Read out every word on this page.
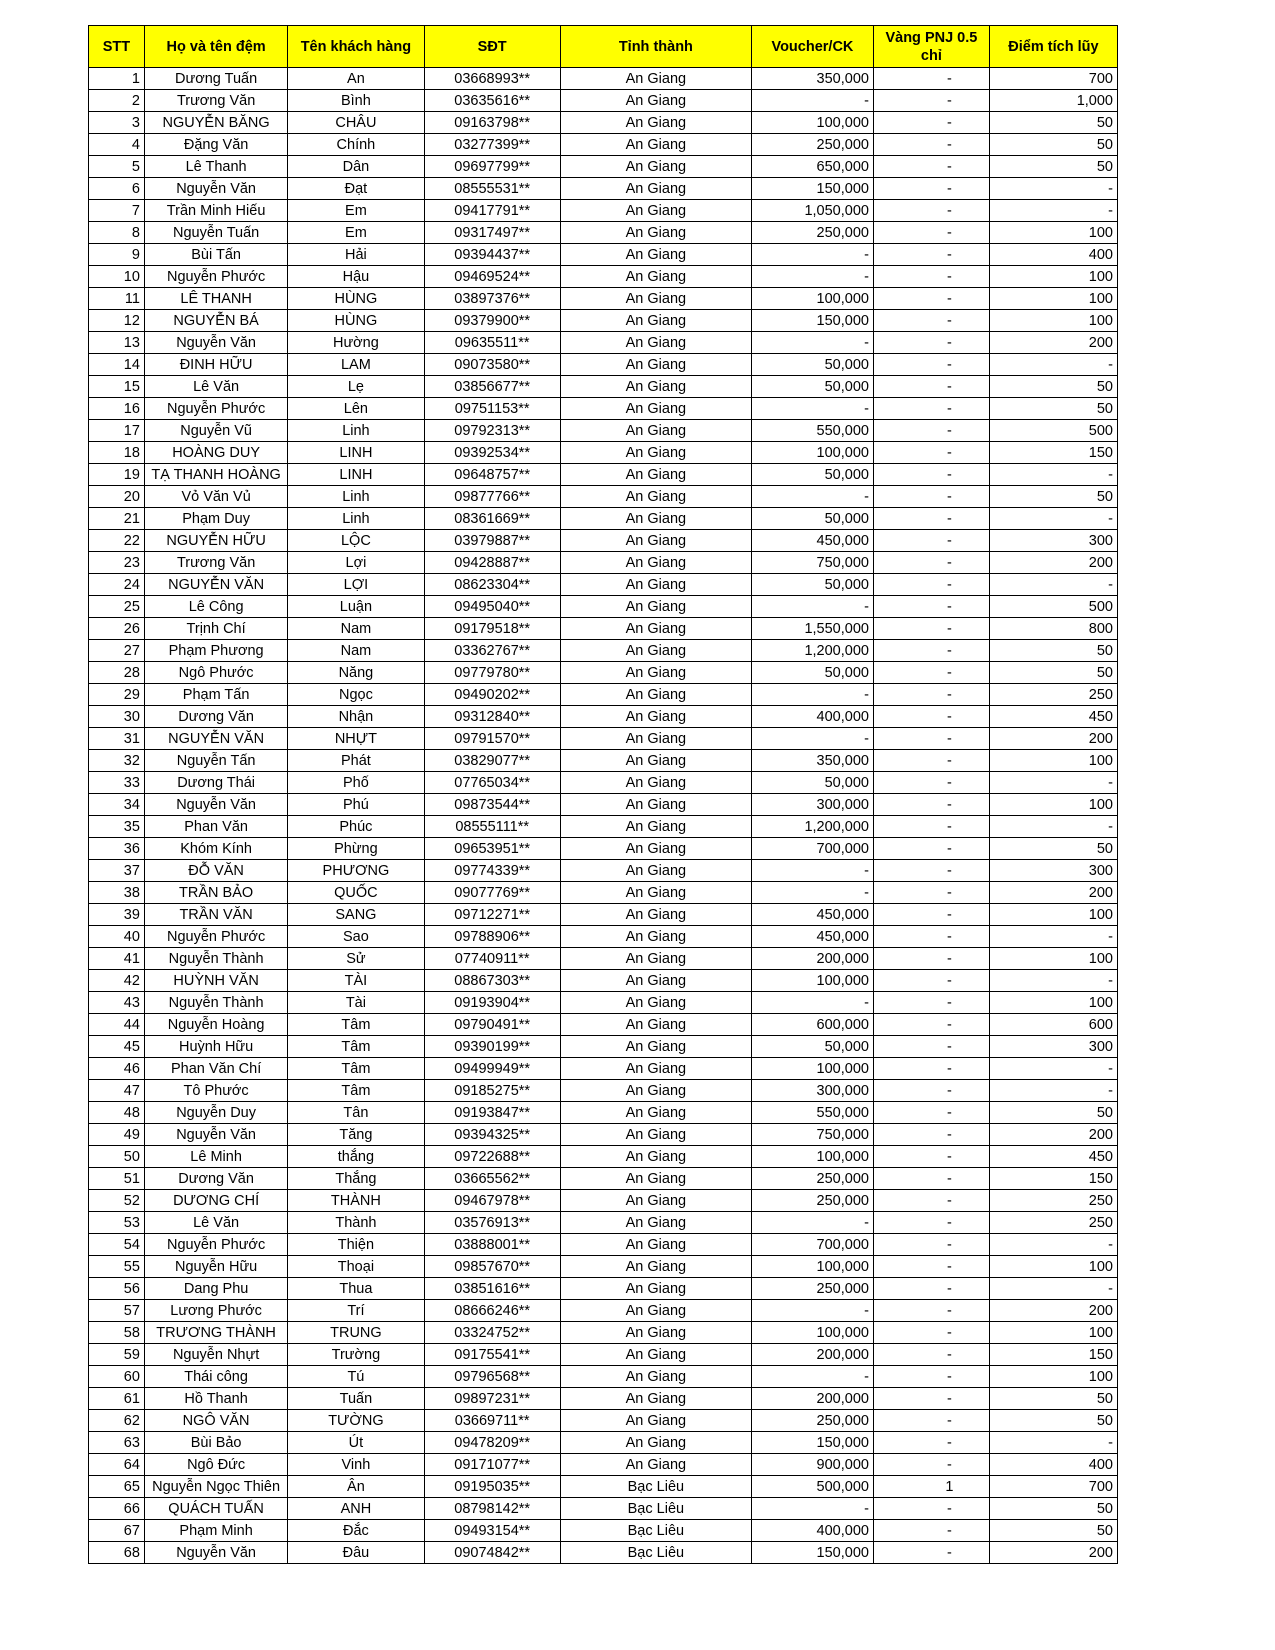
STT	Họ và tên đệm	Tên khách hàng	SĐT	Tỉnh thành	Voucher/CK	Vàng PNJ 0.5 chỉ	Điểm tích lũy
1	Dương Tuấn	An	03668993**	An Giang	350,000	-	700
2	Trương Văn	Bình	03635616**	An Giang	-	-	1,000
3	NGUYỄN BĂNG	CHÂU	09163798**	An Giang	100,000	-	50
4	Đặng Văn	Chính	03277399**	An Giang	250,000	-	50
5	Lê Thanh	Dân	09697799**	An Giang	650,000	-	50
6	Nguyễn Văn	Đạt	08555531**	An Giang	150,000	-	-
7	Trần Minh Hiếu	Em	09417791**	An Giang	1,050,000	-	-
8	Nguyễn Tuấn	Em	09317497**	An Giang	250,000	-	100
9	Bùi Tấn	Hải	09394437**	An Giang	-	-	400
10	Nguyễn Phước	Hậu	09469524**	An Giang	-	-	100
11	LÊ THANH	HÙNG	03897376**	An Giang	100,000	-	100
12	NGUYỄN BÁ	HÙNG	09379900**	An Giang	150,000	-	100
13	Nguyễn Văn	Hường	09635511**	An Giang	-	-	200
14	ĐINH HỮU	LAM	09073580**	An Giang	50,000	-	-
15	Lê Văn	Lẹ	03856677**	An Giang	50,000	-	50
16	Nguyễn Phước	Lên	09751153**	An Giang	-	-	50
17	Nguyễn Vũ	Linh	09792313**	An Giang	550,000	-	500
18	HOÀNG DUY	LINH	09392534**	An Giang	100,000	-	150
19	TẠ THANH HOÀNG	LINH	09648757**	An Giang	50,000	-	-
20	Vỏ Văn Vủ	Linh	09877766**	An Giang	-	-	50
21	Phạm Duy	Linh	08361669**	An Giang	50,000	-	-
22	NGUYỄN HỮU	LỘC	03979887**	An Giang	450,000	-	300
23	Trương Văn	Lợi	09428887**	An Giang	750,000	-	200
24	NGUYỄN VĂN	LỢI	08623304**	An Giang	50,000	-	-
25	Lê Công	Luận	09495040**	An Giang	-	-	500
26	Trịnh Chí	Nam	09179518**	An Giang	1,550,000	-	800
27	Phạm Phương	Nam	03362767**	An Giang	1,200,000	-	50
28	Ngô Phước	Năng	09779780**	An Giang	50,000	-	50
29	Phạm Tấn	Ngọc	09490202**	An Giang	-	-	250
30	Dương Văn	Nhận	09312840**	An Giang	400,000	-	450
31	NGUYỄN VĂN	NHỰT	09791570**	An Giang	-	-	200
32	Nguyễn Tấn	Phát	03829077**	An Giang	350,000	-	100
33	Dương Thái	Phố	07765034**	An Giang	50,000	-	-
34	Nguyễn Văn	Phú	09873544**	An Giang	300,000	-	100
35	Phan Văn	Phúc	08555111**	An Giang	1,200,000	-	-
36	Khóm Kính	Phừng	09653951**	An Giang	700,000	-	50
37	ĐỖ VĂN	PHƯƠNG	09774339**	An Giang	-	-	300
38	TRẦN BẢO	QUỐC	09077769**	An Giang	-	-	200
39	TRẦN VĂN	SANG	09712271**	An Giang	450,000	-	100
40	Nguyễn Phước	Sao	09788906**	An Giang	450,000	-	-
41	Nguyễn Thành	Sử	07740911**	An Giang	200,000	-	100
42	HUỲNH VĂN	TÀI	08867303**	An Giang	100,000	-	-
43	Nguyễn Thành	Tài	09193904**	An Giang	-	-	100
44	Nguyễn Hoàng	Tâm	09790491**	An Giang	600,000	-	600
45	Huỳnh Hữu	Tâm	09390199**	An Giang	50,000	-	300
46	Phan Văn Chí	Tâm	09499949**	An Giang	100,000	-	-
47	Tô Phước	Tâm	09185275**	An Giang	300,000	-	-
48	Nguyễn Duy	Tân	09193847**	An Giang	550,000	-	50
49	Nguyễn Văn	Tăng	09394325**	An Giang	750,000	-	200
50	Lê Minh	thắng	09722688**	An Giang	100,000	-	450
51	Dương Văn	Thắng	03665562**	An Giang	250,000	-	150
52	DƯƠNG CHÍ	THÀNH	09467978**	An Giang	250,000	-	250
53	Lê Văn	Thành	03576913**	An Giang	-	-	250
54	Nguyễn Phước	Thiện	03888001**	An Giang	700,000	-	-
55	Nguyễn Hữu	Thoại	09857670**	An Giang	100,000	-	100
56	Dang Phu	Thua	03851616**	An Giang	250,000	-	-
57	Lương Phước	Trí	08666246**	An Giang	-	-	200
58	TRƯƠNG THÀNH	TRUNG	03324752**	An Giang	100,000	-	100
59	Nguyễn Nhựt	Trường	09175541**	An Giang	200,000	-	150
60	Thái công	Tú	09796568**	An Giang	-	-	100
61	Hồ Thanh	Tuấn	09897231**	An Giang	200,000	-	50
62	NGÔ VĂN	TƯỜNG	03669711**	An Giang	250,000	-	50
63	Bùi Bảo	Út	09478209**	An Giang	150,000	-	-
64	Ngô Đức	Vinh	09171077**	An Giang	900,000	-	400
65	Nguyễn Ngọc Thiên	Ân	09195035**	Bạc Liêu	500,000	1	700
66	QUÁCH TUẤN	ANH	08798142**	Bạc Liêu	-	-	50
67	Phạm Minh	Đắc	09493154**	Bạc Liêu	400,000	-	50
68	Nguyễn Văn	Đâu	09074842**	Bạc Liêu	150,000	-	200
